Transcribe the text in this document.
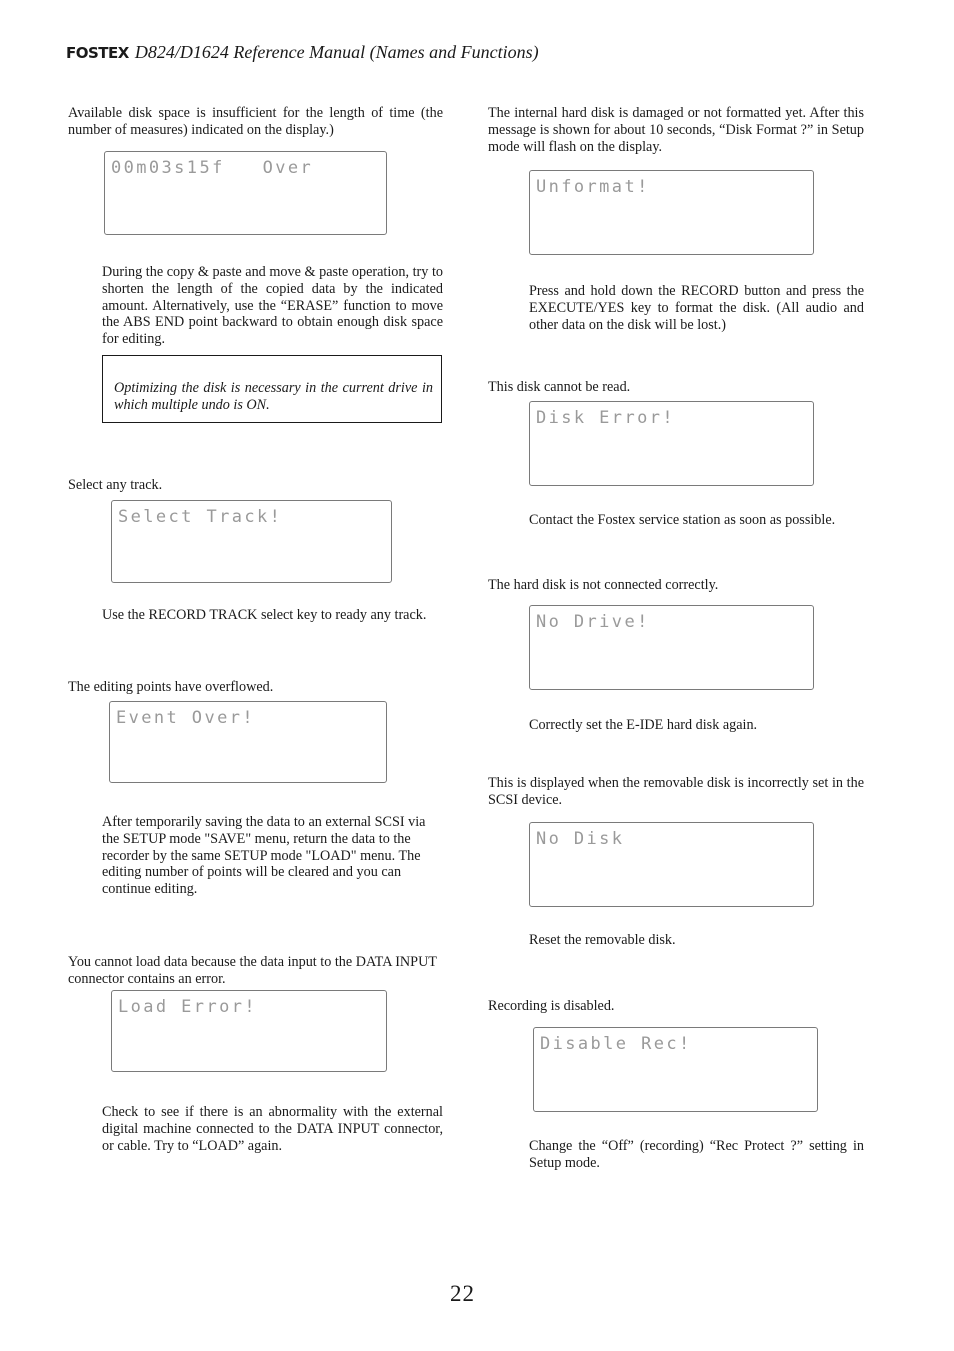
FOSTEX D824/D1624 Reference Manual (Names and Functions)
Available disk space is insufficient for the length of time (the number of measures) indicated on the display.)
00m03s15f   Over
During the copy & paste and move & paste operation, try to shorten the length of the copied data by the indicated amount. Alternatively, use the “ERASE” function to move the ABS END point backward to obtain enough disk space for editing.
Optimizing the disk is necessary in the current drive in which multiple undo is ON.
Select any track.
Select Track!
Use the RECORD TRACK select key to ready any track.
The editing points have overflowed.
Event Over!
After temporarily saving the data to an external SCSI via the SETUP mode "SAVE" menu, return the data to the recorder by the same SETUP mode "LOAD" menu. The editing number of points will be cleared and you can continue editing.
You cannot load data because the data input to the DATA INPUT connector contains an error.
Load Error!
Check to see if there is an abnormality with the external digital machine connected to the DATA INPUT connector, or cable. Try to “LOAD” again.
The internal hard disk is damaged or not formatted yet. After this message is shown for about 10 seconds, “Disk Format ?” in Setup mode will flash on the display.
Unformat!
Press and hold down the RECORD button and press the EXECUTE/YES key to format the disk. (All audio and other data on the disk will be lost.)
This disk cannot be read.
Disk Error!
Contact the Fostex service station as soon as possible.
The hard disk is not connected correctly.
No Drive!
Correctly set the E-IDE hard disk again.
This is displayed when the removable disk is incorrectly set in the SCSI device.
No Disk
Reset the removable disk.
Recording is disabled.
Disable Rec!
Change the “Off” (recording) “Rec Protect ?” setting in Setup mode.
22
